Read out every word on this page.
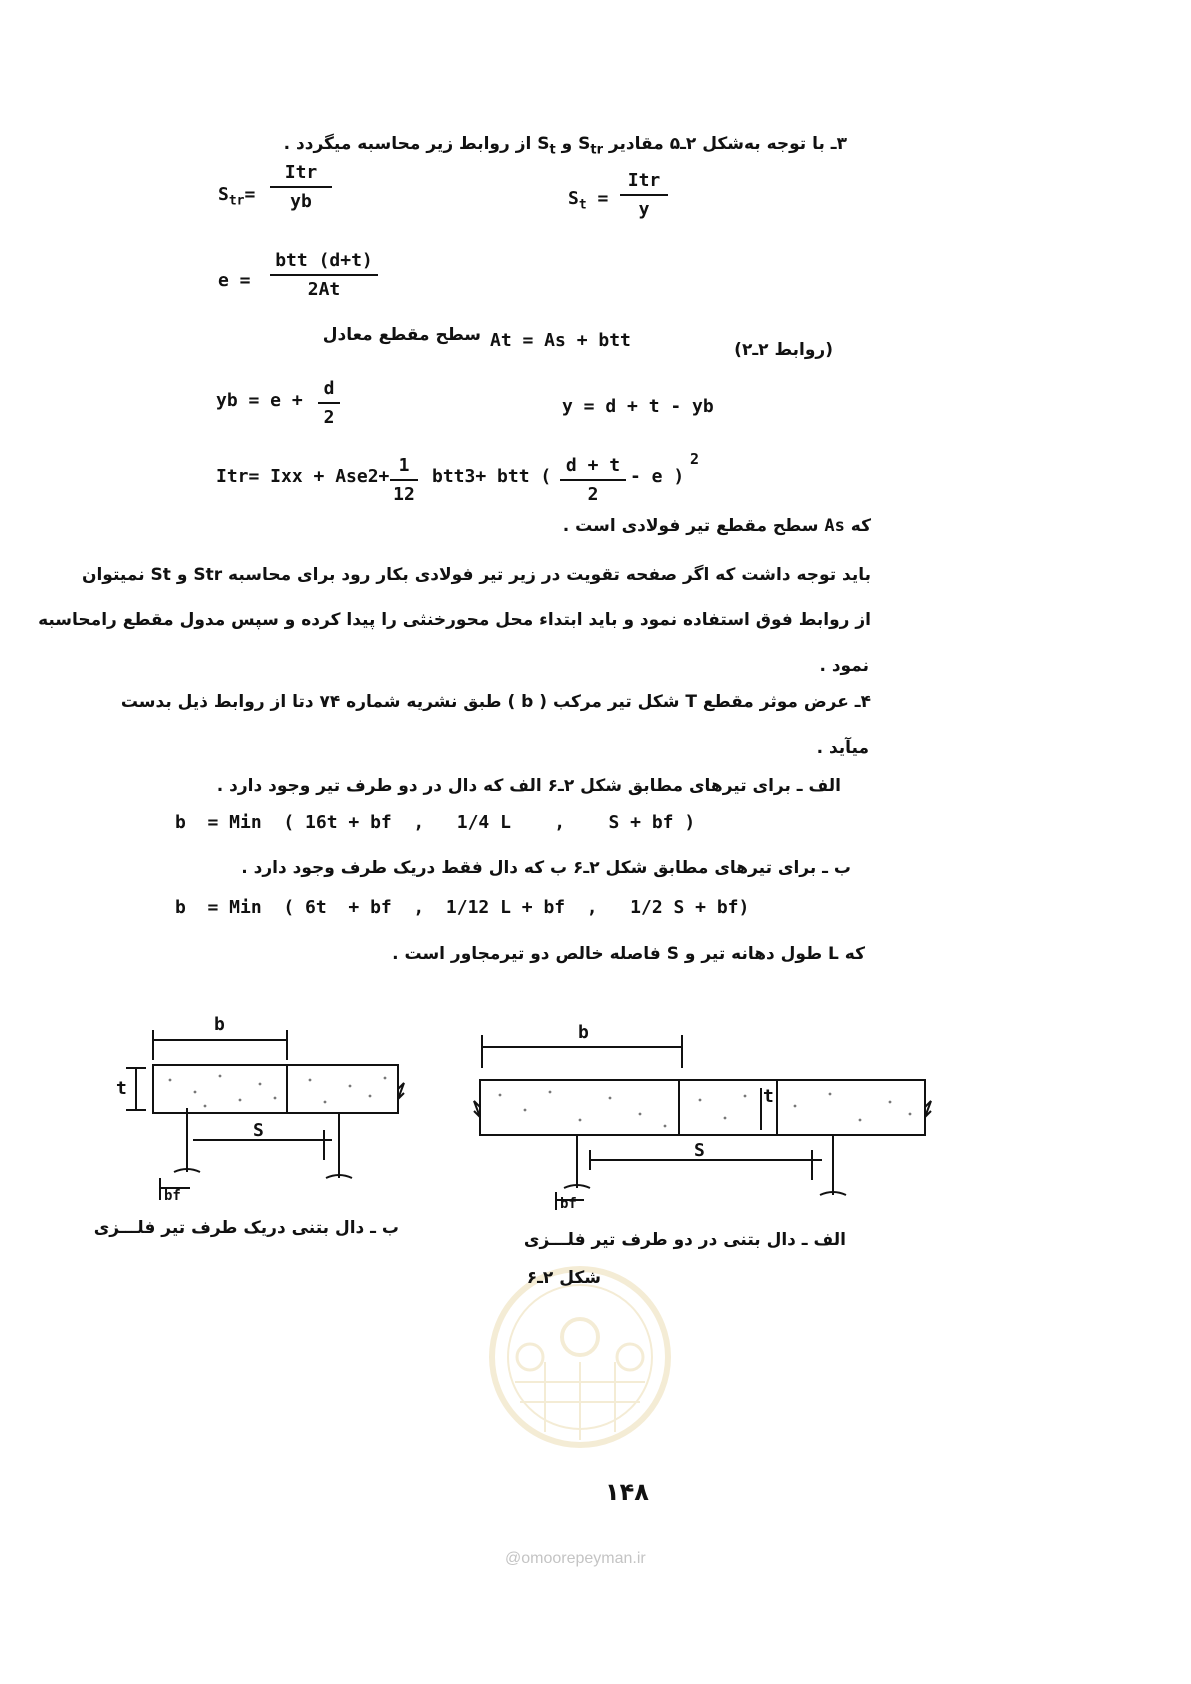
۳ـ با توجه به‌شکل ۲ـ۵ مقادیر $S_{tr}$ و $S_t$ از روابط زیر محاسبه میگردد .
$S_{tr}=$
Itr
yb	$S_t$ =
Itr
y
e =
btt (d+t)
2At
سطح مقطع معادل At = As + btt	(روابط ۲ـ۲)
yb = $e + \frac{d}{2}$	y = d + t - yb
Itr= Ixx + $Ase2+ \frac{1}{12} btt3+$ btt ( $\frac{d + t}{2}$ - e )
2
که As سطح مقطع تیر فولادی است .
باید توجه داشت که اگر صفحه تقویت در زیر تیر فولادی بکار رود برای محاسبه Str و St نمیتوان
از روابط فوق استفاده نمود و باید ابتداء محل محورخنثی را پیدا کرده و سپس مدول مقطع رامحاسبه
نمود .
۴ـ عرض موثر مقطع T شکل تیر مرکب ( b ) طبق نشریه شماره ۷۴ دتا از روابط ذیل بدست
میآید .
الف ـ برای تیرهای مطابق شکل ۲ـ۶ الف که دال در دو طرف تیر وجود دارد .
b  = Min  ( 16t + bf  ,   1/4 L    ,    S + bf )
ب ـ برای تیرهای مطابق شکل ۲ـ۶ ب که دال فقط دریک طرف وجود دارد .
b  = Min  ( 6t  + bf  ,  1/12 L + bf  ,   1/2 S + bf)
که L طول دهانه تیر و S فاصله خالص دو تیرمجاور است .
b
t
S
bf
ب ـ دال بتنی دریک طرف تیر فلـــزی
b
t
S
bf
الف ـ دال بتنی در دو طرف تیر فلـــزی
شکل ۲ـ۶
۱۴۸
@omoorepeyman.ir
